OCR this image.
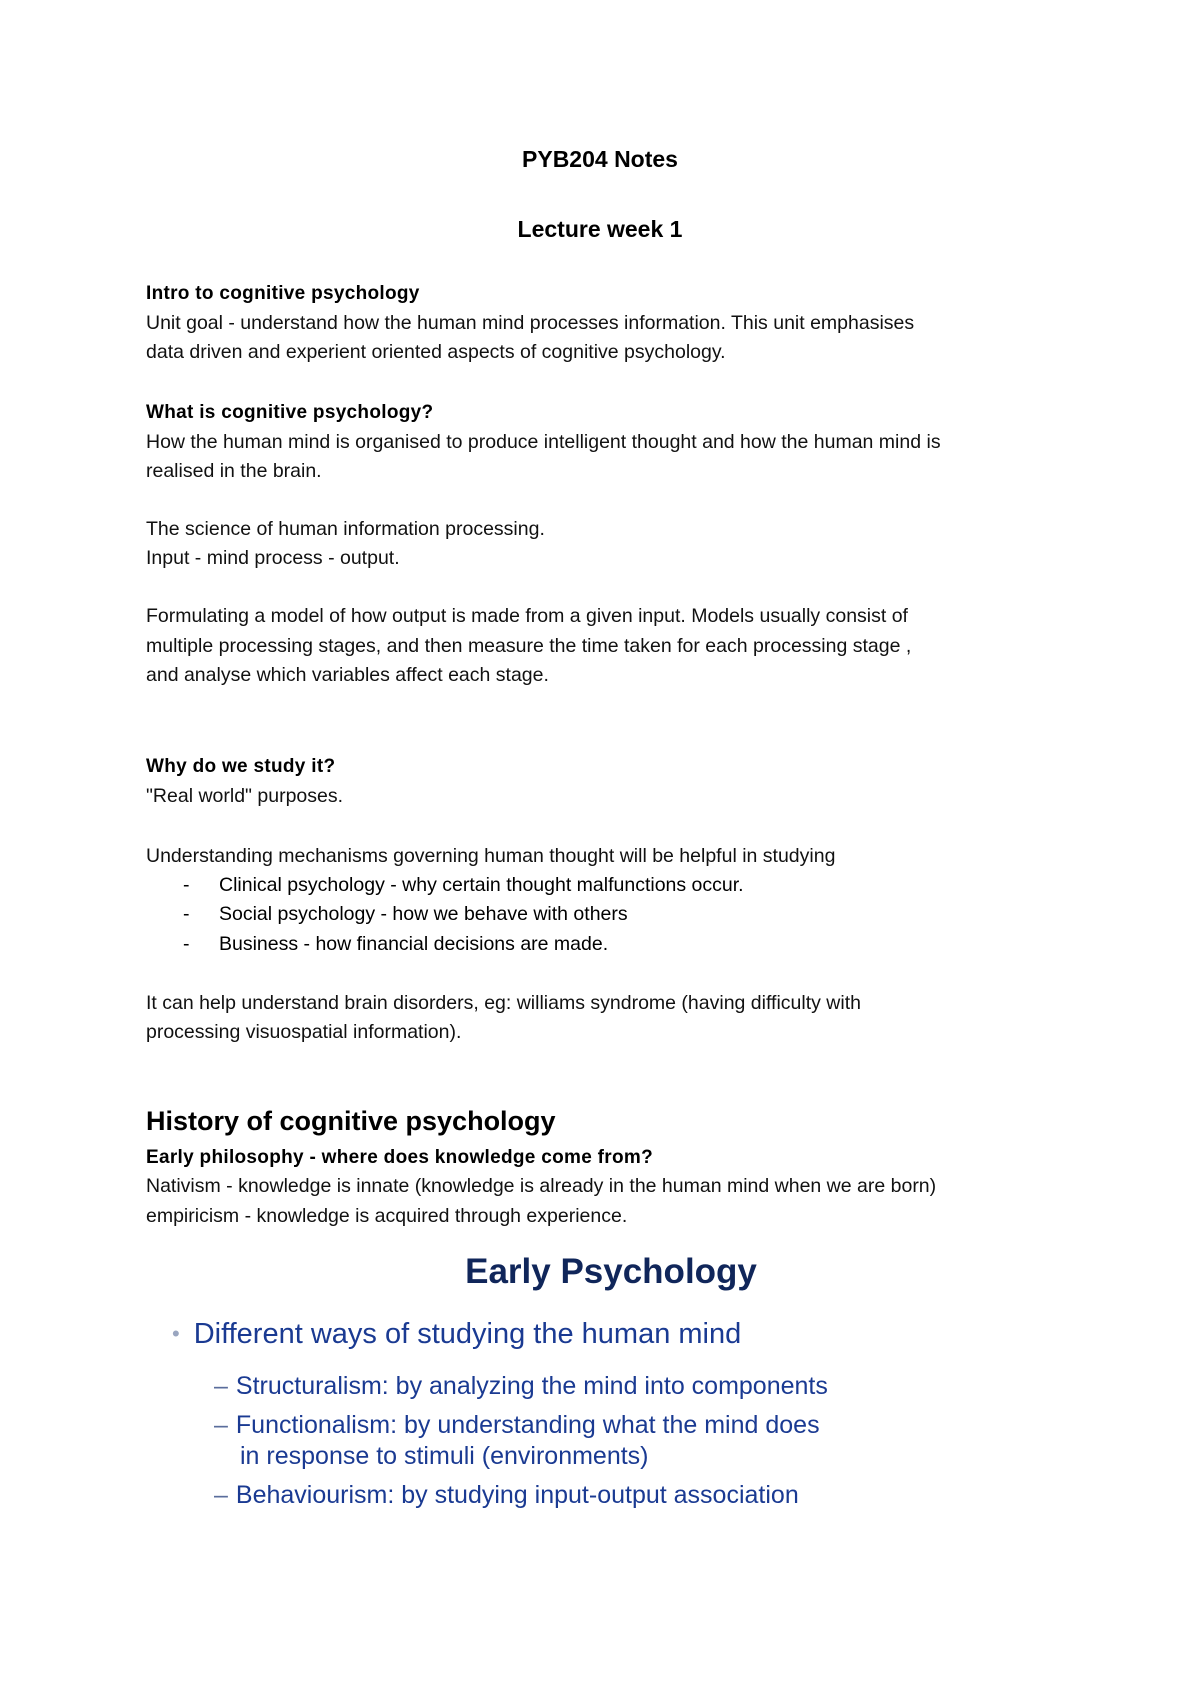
PYB204 Notes

Lecture week 1

Intro to cognitive psychology

Unit goal - understand how the human mind processes information. This unit emphasises

data driven and experient oriented aspects of cognitive psychology.

What is cognitive psychology?

How the human mind is organised to produce intelligent thought and how the human mind is

realised in the brain.

The science of human information processing.

Input - mind process - output.

Formulating a model of how output is made from a given input. Models usually consist of

multiple processing stages, and then measure the time taken for each processing stage ,

and analyse which variables affect each stage.

Why do we study it?

"Real world" purposes.

Understanding mechanisms governing human thought will be helpful in studying

- Clinical psychology - why certain thought malfunctions occur.
- Social psychology - how we behave with others
- Business - how financial decisions are made.

It can help understand brain disorders, eg: williams syndrome (having difficulty with

processing visuospatial information).

History of cognitive psychology

Early philosophy - where does knowledge come from?

Nativism - knowledge is innate (knowledge is already in the human mind when we are born)

empiricism - knowledge is acquired through experience.

Early Psychology
• Different ways of studying the human mind
– Structuralism: by analyzing the mind into components
– Functionalism: by understanding what the mind does
in response to stimuli (environments)
– Behaviourism: by studying input-output association
